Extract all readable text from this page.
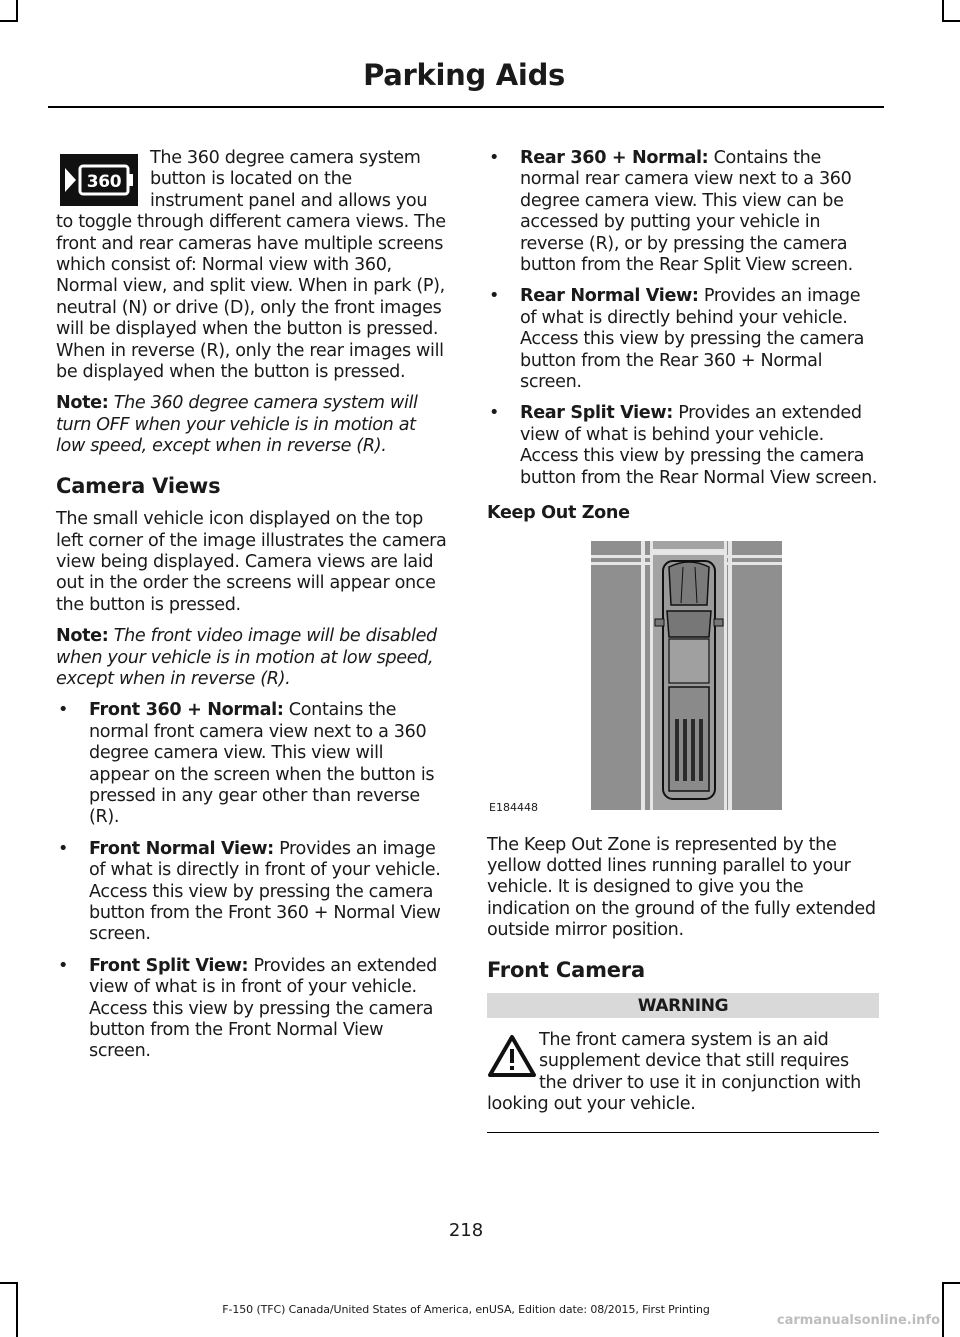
Parking Aids
360

The 360 degree camera system button is located on the instrument panel and allows you to toggle through different camera views. The front and rear cameras have multiple screens which consist of: Normal view with 360, Normal view, and split view. When in park (P), neutral (N) or drive (D), only the front images will be displayed when the button is pressed. When in reverse (R), only the rear images will be displayed when the button is pressed.

Note: The 360 degree camera system will turn OFF when your vehicle is in motion at low speed, except when in reverse (R).

Camera Views

The small vehicle icon displayed on the top left corner of the image illustrates the camera view being displayed. Camera views are laid out in the order the screens will appear once the button is pressed.

Note: The front video image will be disabled when your vehicle is in motion at low speed, except when in reverse (R).

• Front 360 + Normal: Contains the normal front camera view next to a 360 degree camera view. This view will appear on the screen when the button is pressed in any gear other than reverse (R).
• Front Normal View: Provides an image of what is directly in front of your vehicle. Access this view by pressing the camera button from the Front 360 + Normal View screen.
• Front Split View: Provides an extended view of what is in front of your vehicle. Access this view by pressing the camera button from the Front Normal View screen.
• Rear 360 + Normal: Contains the normal rear camera view next to a 360 degree camera view. This view can be accessed by putting your vehicle in reverse (R), or by pressing the camera button from the Rear Split View screen.
• Rear Normal View: Provides an image of what is directly behind your vehicle. Access this view by pressing the camera button from the Rear 360 + Normal screen.
• Rear Split View: Provides an extended view of what is behind your vehicle. Access this view by pressing the camera button from the Rear Normal View screen.
Keep Out Zone
E184448

The Keep Out Zone is represented by the yellow dotted lines running parallel to your vehicle. It is designed to give you the indication on the ground of the fully extended outside mirror position.

Front Camera
WARNING

The front camera system is an aid supplement device that still requires the driver to use it in conjunction with looking out your vehicle.

218
F-150 (TFC) Canada/United States of America, enUSA, Edition date: 08/2015, First Printing
carmanualsonline.info
